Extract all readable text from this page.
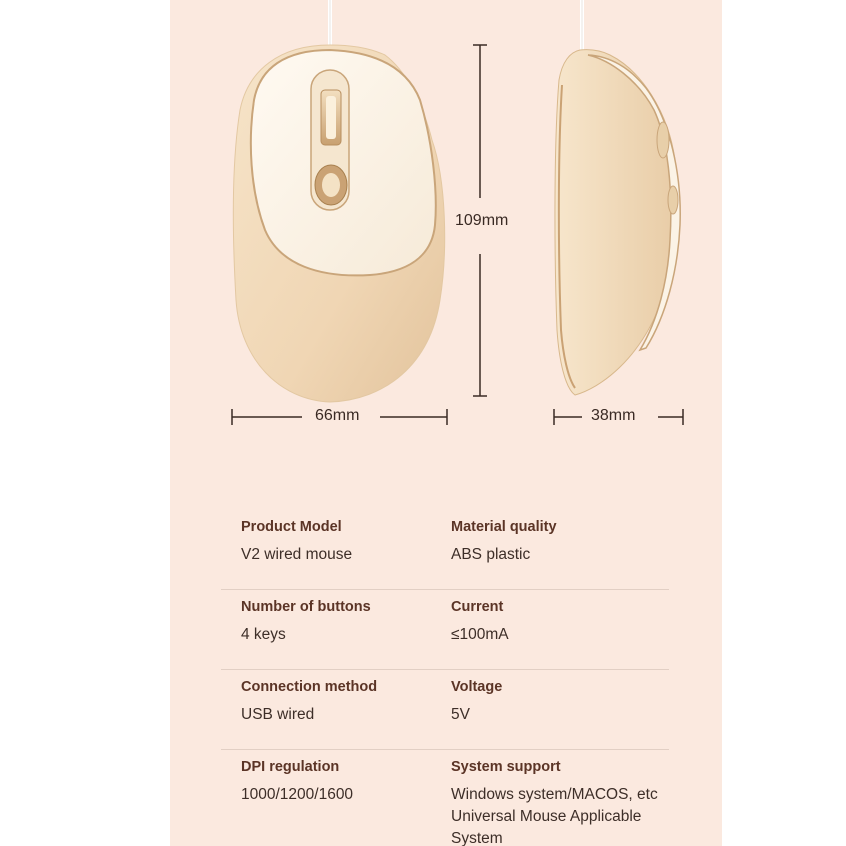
109mm
66mm	38mm
Product Model
V2 wired mouse
Material quality
ABS plastic
Number of buttons
4 keys
Current
≤100mA
Connection method
USB wired
Voltage
5V
DPI regulation
1000/1200/1600
System support
Windows system/MACOS, etc
Universal Mouse Applicable
System
